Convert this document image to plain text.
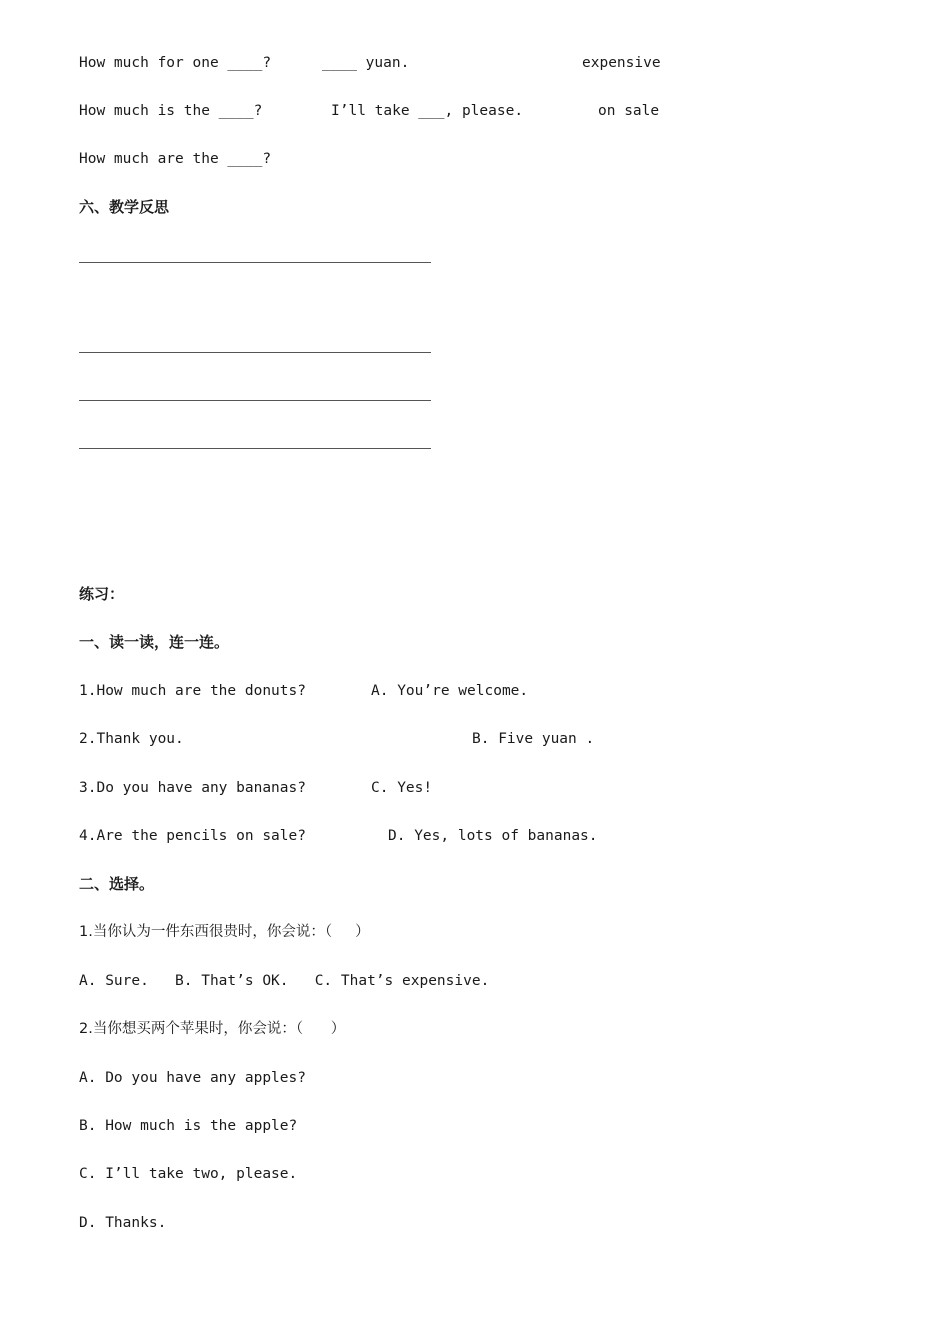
How much for one ____?	____ yuan.	expensive
How much is the ____?	I’ll take ___, please.	on sale
How much are the ____?
六、教学反思
练习：
一、读一读，连一连。
1.How much are the donuts?	A. You’re welcome.
2.Thank you.	B. Five yuan .
3.Do you have any bananas?	C. Yes!
4.Are the pencils on sale?	D. Yes, lots of bananas.
二、选择。
1.当你认为一件东西很贵时，你会说：（     ）
A. Sure.   B. That’s OK.   C. That’s expensive.
2.当你想买两个苹果时，你会说：（      ）
A. Do you have any apples?
B. How much is the apple?
C. I’ll take two, please.
D. Thanks.
